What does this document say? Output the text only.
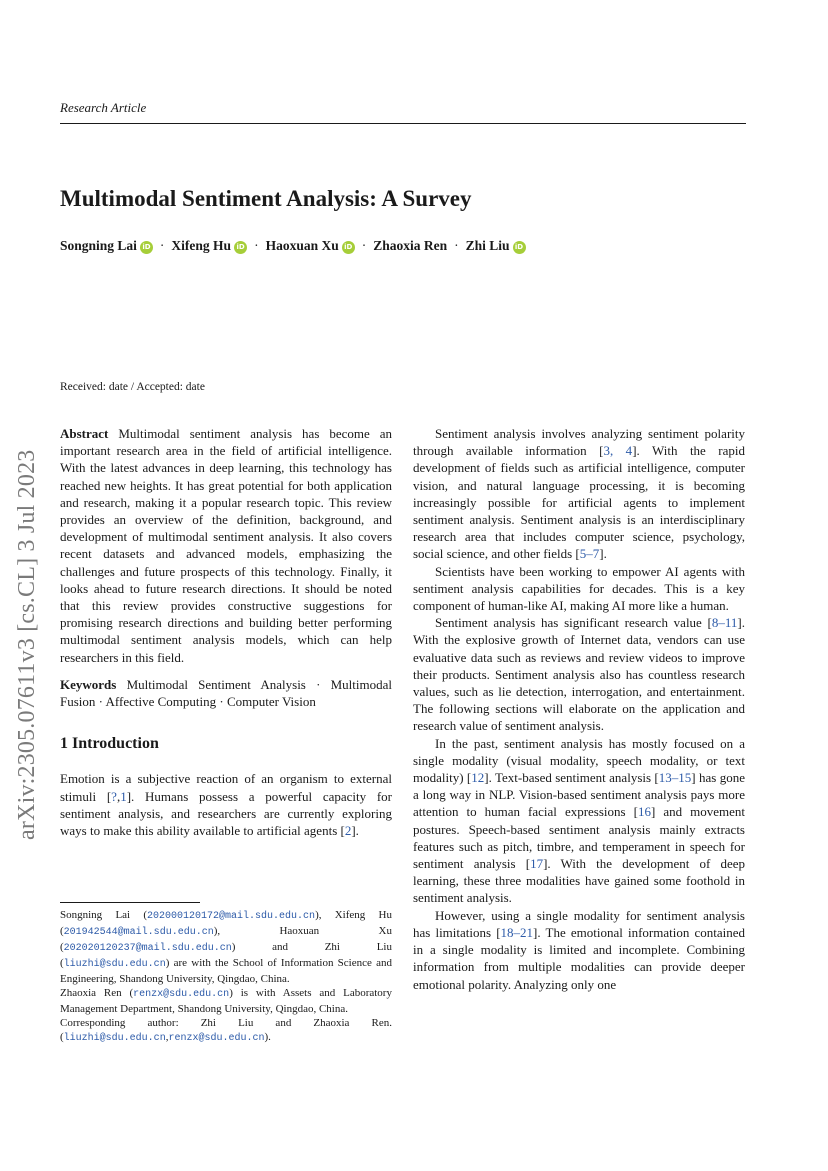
Research Article
Multimodal Sentiment Analysis: A Survey
Songning Lai iD · Xifeng Hu iD · Haoxuan Xu iD · Zhaoxia Ren · Zhi Liu iD
arXiv:2305.07611v3 [cs.CL] 3 Jul 2023
Received: date / Accepted: date

Abstract Multimodal sentiment analysis has become an important research area in the field of artificial intelligence. With the latest advances in deep learning, this technology has reached new heights. It has great potential for both application and research, making it a popular research topic. This review provides an overview of the definition, background, and development of multimodal sentiment analysis. It also covers recent datasets and advanced models, emphasizing the challenges and future prospects of this technology. Finally, it looks ahead to future research directions. It should be noted that this review provides constructive suggestions for promising research directions and building better performing multimodal sentiment analysis models, which can help researchers in this field.

Keywords Multimodal Sentiment Analysis · Multimodal Fusion · Affective Computing · Computer Vision

1 Introduction

Emotion is a subjective reaction of an organism to external stimuli [?,1]. Humans possess a powerful capacity for sentiment analysis, and researchers are currently exploring ways to make this ability available to artificial agents [2].

Songning Lai (202000120172@mail.sdu.edu.cn), Xifeng Hu (201942544@mail.sdu.edu.cn), Haoxuan Xu (202020120237@mail.sdu.edu.cn) and Zhi Liu (liuzhi@sdu.edu.cn) are with the School of Information Science and Engineering, Shandong University, Qingdao, China.

Zhaoxia Ren (renzx@sdu.edu.cn) is with Assets and Laboratory Management Department, Shandong University, Qingdao, China.

Corresponding author: Zhi Liu and Zhaoxia Ren. (liuzhi@sdu.edu.cn,renzx@sdu.edu.cn).

Sentiment analysis involves analyzing sentiment polarity through available information [3, 4]. With the rapid development of fields such as artificial intelligence, computer vision, and natural language processing, it is becoming increasingly possible for artificial agents to implement sentiment analysis. Sentiment analysis is an interdisciplinary research area that includes computer science, psychology, social science, and other fields [5–7].

Scientists have been working to empower AI agents with sentiment analysis capabilities for decades. This is a key component of human-like AI, making AI more like a human.

Sentiment analysis has significant research value [8–11]. With the explosive growth of Internet data, vendors can use evaluative data such as reviews and review videos to improve their products. Sentiment analysis also has countless research values, such as lie detection, interrogation, and entertainment. The following sections will elaborate on the application and research value of sentiment analysis.

In the past, sentiment analysis has mostly focused on a single modality (visual modality, speech modality, or text modality) [12]. Text-based sentiment analysis [13–15] has gone a long way in NLP. Vision-based sentiment analysis pays more attention to human facial expressions [16] and movement postures. Speech-based sentiment analysis mainly extracts features such as pitch, timbre, and temperament in speech for sentiment analysis [17]. With the development of deep learning, these three modalities have gained some foothold in sentiment analysis.

However, using a single modality for sentiment analysis has limitations [18–21]. The emotional information contained in a single modality is limited and incomplete. Combining information from multiple modalities can provide deeper emotional polarity. Analyzing only one
